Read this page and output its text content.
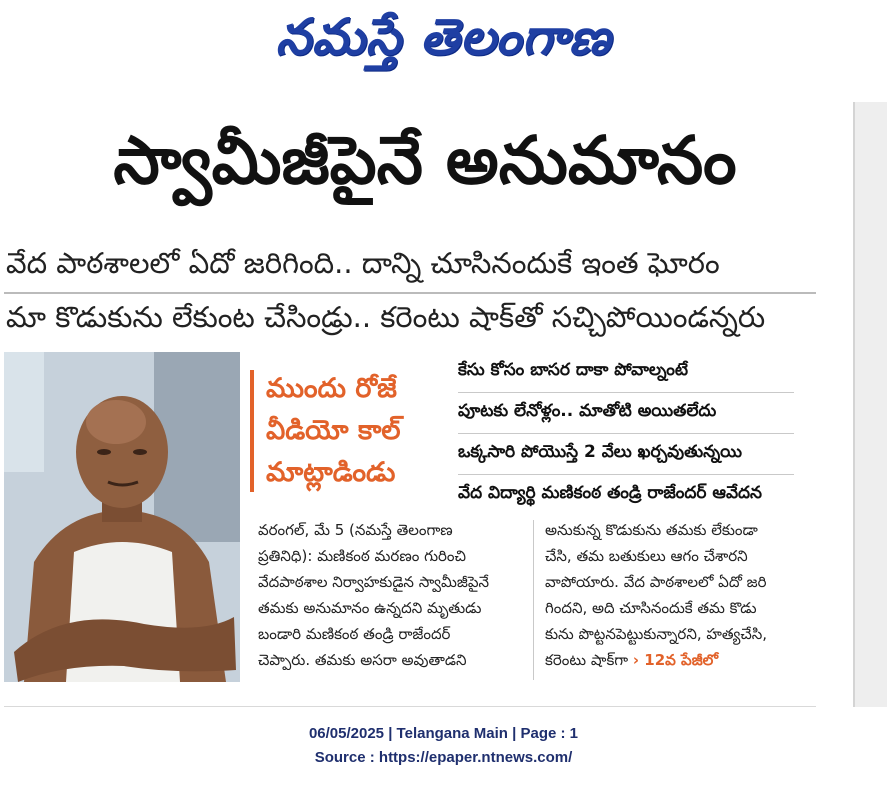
నమస్తే తెలంగాణ
స్వామీజీపైనే అనుమానం
వేద పాఠశాలలో ఏదో జరిగింది.. దాన్ని చూసినందుకే ఇంత ఘోరం
మా కొడుకును లేకుంట చేసిండ్రు.. కరెంటు షాక్‌తో సచ్చిపోయిండన్నరు
ముందు రోజే
వీడియో కాల్
మాట్లాడిండు
కేసు కోసం బాసర దాకా పోవాల్నంటే
పూటకు లేనోళ్లం.. మాతోటి అయితలేదు
ఒక్కసారి పోయొస్తే 2 వేలు ఖర్చవుతున్నయి
వేద విద్యార్థి మణికంఠ తండ్రి రాజేందర్ ఆవేదన
వరంగల్, మే 5 (నమస్తే తెలంగాణ
ప్రతినిధి): మణికంఠ మరణం గురించి
వేదపాఠశాల నిర్వాహకుడైన స్వామీజీపైనే
తమకు అనుమానం ఉన్నదని మృతుడు
బండారి మణికంఠ తండ్రి రాజేందర్
చెప్పారు. తమకు అసరా అవుతాడని
అనుకున్న కొడుకును తమకు లేకుండా
చేసి, తమ బతుకులు ఆగం చేశారని
వాపోయారు. వేద పాఠశాలలో ఏదో జరి
గిందని, అది చూసినందుకే తమ కొడు
కును పొట్టనపెట్టుకున్నారని, హత్యచేసి,
కరెంటు షాక్‌గా › 12వ పేజీలో
06/05/2025 | Telangana Main | Page : 1
Source : https://epaper.ntnews.com/
